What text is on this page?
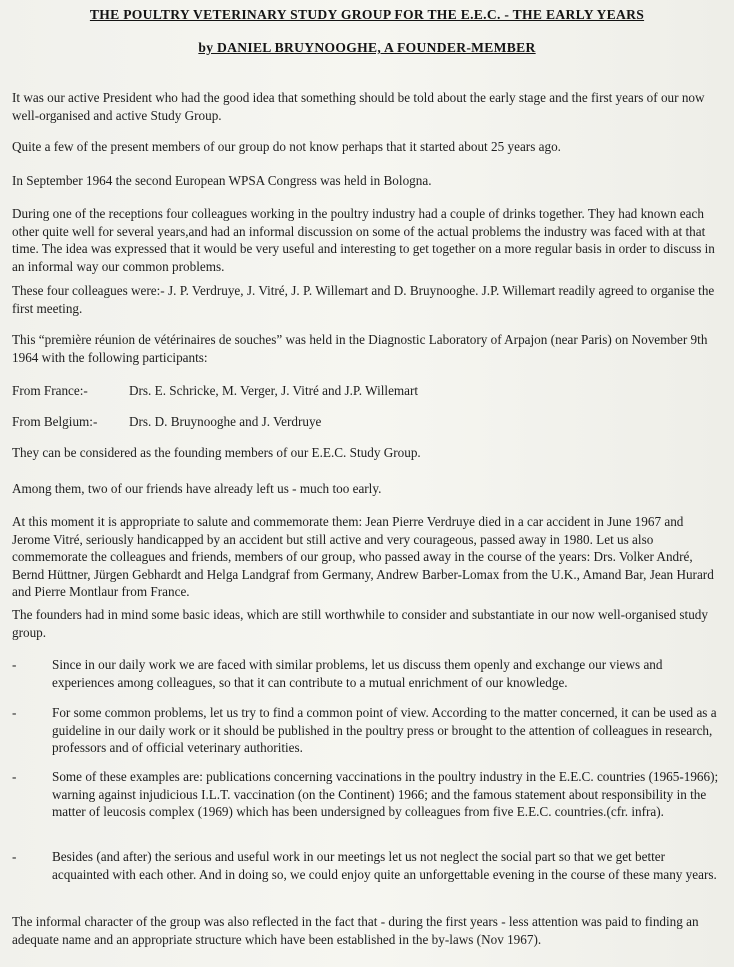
THE POULTRY VETERINARY STUDY GROUP FOR THE E.E.C. - THE EARLY YEARS
by DANIEL BRUYNOOGHE, A FOUNDER-MEMBER
It was our active President who had the good idea that something should be told about the early stage and the first years of our now well-organised and active Study Group.
Quite a few of the present members of our group do not know perhaps that it started about 25 years ago.
In September 1964 the second European WPSA Congress was held in Bologna.
During one of the receptions four colleagues working in the poultry industry had a couple of drinks together. They had known each other quite well for several years,and had an informal discussion on some of the actual problems the industry was faced with at that time. The idea was expressed that it would be very useful and interesting to get together on a more regular basis in order to discuss in an informal way our common problems.
These four colleagues were:- J. P. Verdruye, J. Vitré, J. P. Willemart and D. Bruynooghe. J.P. Willemart readily agreed to organise the first meeting.
This “première réunion de vétérinaires de souches” was held in the Diagnostic Laboratory of Arpajon (near Paris) on November 9th 1964 with the following participants:
From France:-	Drs. E. Schricke, M. Verger, J. Vitré and J.P. Willemart
From Belgium:- Drs. D. Bruynooghe and J. Verdruye
They can be considered as the founding members of our E.E.C. Study Group.
Among them, two of our friends have already left us - much too early.
At this moment it is appropriate to salute and commemorate them: Jean Pierre Verdruye died in a car accident in June 1967 and Jerome Vitré, seriously handicapped by an accident but still active and very courageous, passed away in 1980. Let us also commemorate the colleagues and friends, members of our group, who passed away in the course of the years: Drs. Volker André, Bernd Hüttner, Jürgen Gebhardt and Helga Landgraf from Germany, Andrew Barber-Lomax from the U.K., Amand Bar, Jean Hurard and Pierre Montlaur from France.
The founders had in mind some basic ideas, which are still worthwhile to consider and substantiate in our now well-organised study group.
-	Since in our daily work we are faced with similar problems, let us discuss them openly and exchange our views and experiences among colleagues, so that it can contribute to a mutual enrichment of our knowledge.
-	For some common problems, let us try to find a common point of view. According to the matter concerned, it can be used as a guideline in our daily work or it should be published in the poultry press or brought to the attention of colleagues in research, professors and of official veterinary authorities.
-	Some of these examples are: publications concerning vaccinations in the poultry industry in the E.E.C. countries (1965-1966); warning against injudicious I.L.T. vaccination (on the Continent) 1966; and the famous statement about responsibility in the matter of leucosis complex (1969) which has been undersigned by colleagues from five E.E.C. countries.(cfr. infra).
-	Besides (and after) the serious and useful work in our meetings let us not neglect the social part so that we get better acquainted with each other. And in doing so, we could enjoy quite an unforgettable evening in the course of these many years.
The informal character of the group was also reflected in the fact that - during the first years - less attention was paid to finding an adequate name and an appropriate structure which have been established in the by-laws (Nov 1967).
